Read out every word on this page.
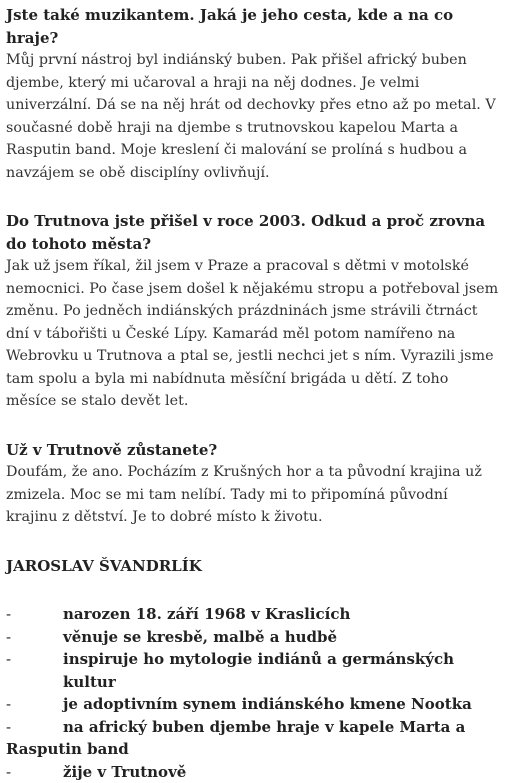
Jste také muzikantem. Jaká je jeho cesta, kde a na co hraje?

Můj první nástroj byl indiánský buben. Pak přišel africký buben djembe, který mi učaroval a hraji na něj dodnes. Je velmi univerzální. Dá se na něj hrát od dechovky přes etno až po metal. V současné době hraji na djembe s trutnovskou kapelou Marta a Rasputin band. Moje kreslení či malování se prolíná s hudbou a navzájem se obě disciplíny ovlivňují.

Do Trutnova jste přišel v roce 2003. Odkud a proč zrovna do tohoto města?

Jak už jsem říkal, žil jsem v Praze a pracoval s dětmi v motolské nemocnici. Po čase jsem došel k nějakému stropu a potřeboval jsem změnu. Po jedněch indiánských prázdninách jsme strávili čtrnáct dní v tábořišti u České Lípy. Kamarád měl potom namířeno na Webrovku u Trutnova a ptal se, jestli nechci jet s ním. Vyrazili jsme tam spolu a byla mi nabídnuta měsíční brigáda u dětí. Z toho měsíce se stalo devět let.

Už v Trutnově zůstanete?

Doufám, že ano. Pocházím z Krušných hor a ta původní krajina už zmizela. Moc se mi tam nelíbí. Tady mi to připomíná původní krajinu z dětství. Je to dobré místo k životu.

JAROSLAV ŠVANDRLÍK

-	narozen 18. září 1968 v Kraslicích
-	věnuje se kresbě, malbě a hudbě
-	inspiruje ho mytologie indiánů a germánských kultur
-	je adoptivním synem indiánského kmene Nootka
-	na africký buben djembe hraje v kapele Marta a
Rasputin band
-	žije v Trutnově
